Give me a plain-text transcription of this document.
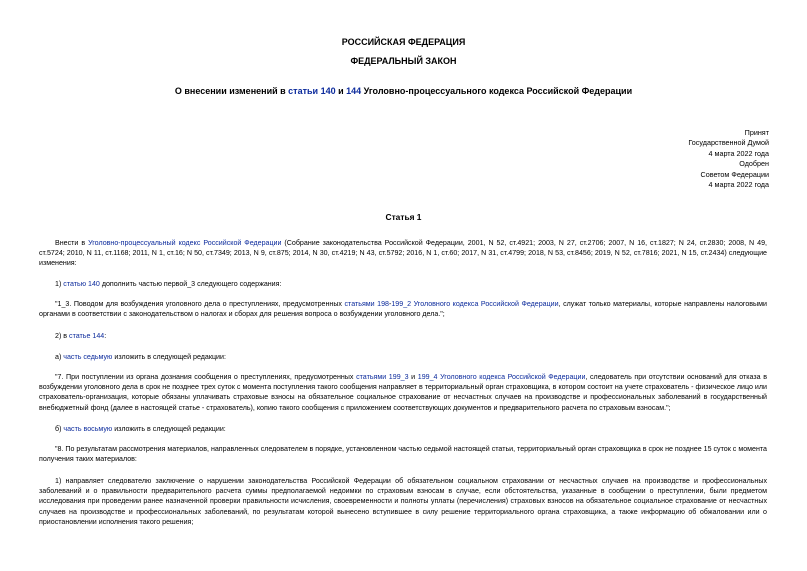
РОССИЙСКАЯ ФЕДЕРАЦИЯ
ФЕДЕРАЛЬНЫЙ ЗАКОН
О внесении изменений в статьи 140 и 144 Уголовно-процессуального кодекса Российской Федерации
Принят
Государственной Думой
4 марта 2022 года
Одобрен
Советом Федерации
4 марта 2022 года
Статья 1
Внести в Уголовно-процессуальный кодекс Российской Федерации (Собрание законодательства Российской Федерации, 2001, N 52, ст.4921; 2003, N 27, ст.2706; 2007, N 16, ст.1827; N 24, ст.2830; 2008, N 49, ст.5724; 2010, N 11, ст.1168; 2011, N 1, ст.16; N 50, ст.7349; 2013, N 9, ст.875; 2014, N 30, ст.4219; N 43, ст.5792; 2016, N 1, ст.60; 2017, N 31, ст.4799; 2018, N 53, ст.8456; 2019, N 52, ст.7816; 2021, N 15, ст.2434) следующие изменения:
1) статью 140 дополнить частью первой_3 следующего содержания:
"1_3. Поводом для возбуждения уголовного дела о преступлениях, предусмотренных статьями 198-199_2 Уголовного кодекса Российской Федерации, служат только материалы, которые направлены налоговыми органами в соответствии с законодательством о налогах и сборах для решения вопроса о возбуждении уголовного дела.";
2) в статье 144:
а) часть седьмую изложить в следующей редакции:
"7. При поступлении из органа дознания сообщения о преступлениях, предусмотренных статьями 199_3 и 199_4 Уголовного кодекса Российской Федерации, следователь при отсутствии оснований для отказа в возбуждении уголовного дела в срок не позднее трех суток с момента поступления такого сообщения направляет в территориальный орган страховщика, в котором состоит на учете страхователь - физическое лицо или страхователь-организация, которые обязаны уплачивать страховые взносы на обязательное социальное страхование от несчастных случаев на производстве и профессиональных заболеваний в государственный внебюджетный фонд (далее в настоящей статье - страхователь), копию такого сообщения с приложением соответствующих документов и предварительного расчета по страховым взносам.";
б) часть восьмую изложить в следующей редакции:
"8. По результатам рассмотрения материалов, направленных следователем в порядке, установленном частью седьмой настоящей статьи, территориальный орган страховщика в срок не позднее 15 суток с момента получения таких материалов:
1) направляет следователю заключение о нарушении законодательства Российской Федерации об обязательном социальном страховании от несчастных случаев на производстве и профессиональных заболеваний и о правильности предварительного расчета суммы предполагаемой недоимки по страховым взносам в случае, если обстоятельства, указанные в сообщении о преступлении, были предметом исследования при проведении ранее назначенной проверки правильности исчисления, своевременности и полноты уплаты (перечисления) страховых взносов на обязательное социальное страхование от несчастных случаев на производстве и профессиональных заболеваний, по результатам которой вынесено вступившее в силу решение территориального органа страховщика, а также информацию об обжаловании или о приостановлении исполнения такого решения;
